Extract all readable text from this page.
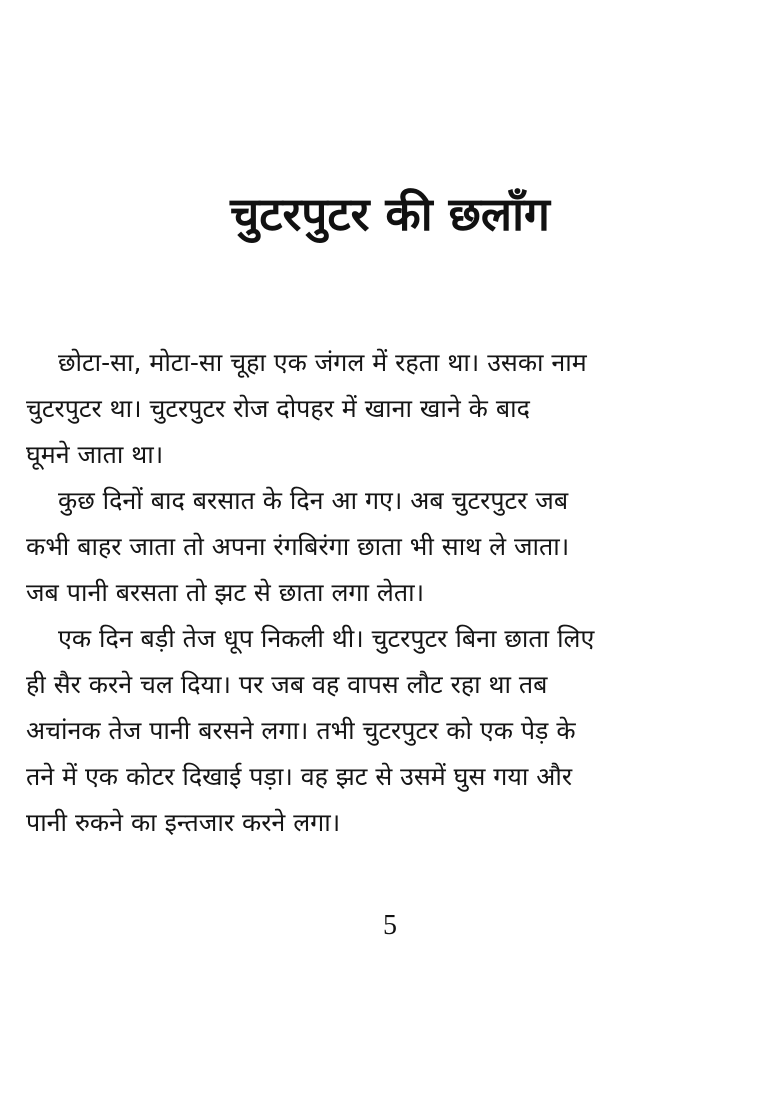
चुटरपुटर की छलाँग
छोटा-सा, मोटा-सा चूहा एक जंगल में रहता था। उसका नाम
चुटरपुटर था। चुटरपुटर रोज दोपहर में खाना खाने के बाद
घूमने जाता था।
कुछ दिनों बाद बरसात के दिन आ गए। अब चुटरपुटर जब
कभी बाहर जाता तो अपना रंगबिरंगा छाता भी साथ ले जाता।
जब पानी बरसता तो झट से छाता लगा लेता।
एक दिन बड़ी तेज धूप निकली थी। चुटरपुटर बिना छाता लिए
ही सैर करने चल दिया। पर जब वह वापस लौट रहा था तब
अचांनक तेज पानी बरसने लगा। तभी चुटरपुटर को एक पेड़ के
तने में एक कोटर दिखाई पड़ा। वह झट से उसमें घुस गया और
पानी रुकने का इन्तजार करने लगा।
5
